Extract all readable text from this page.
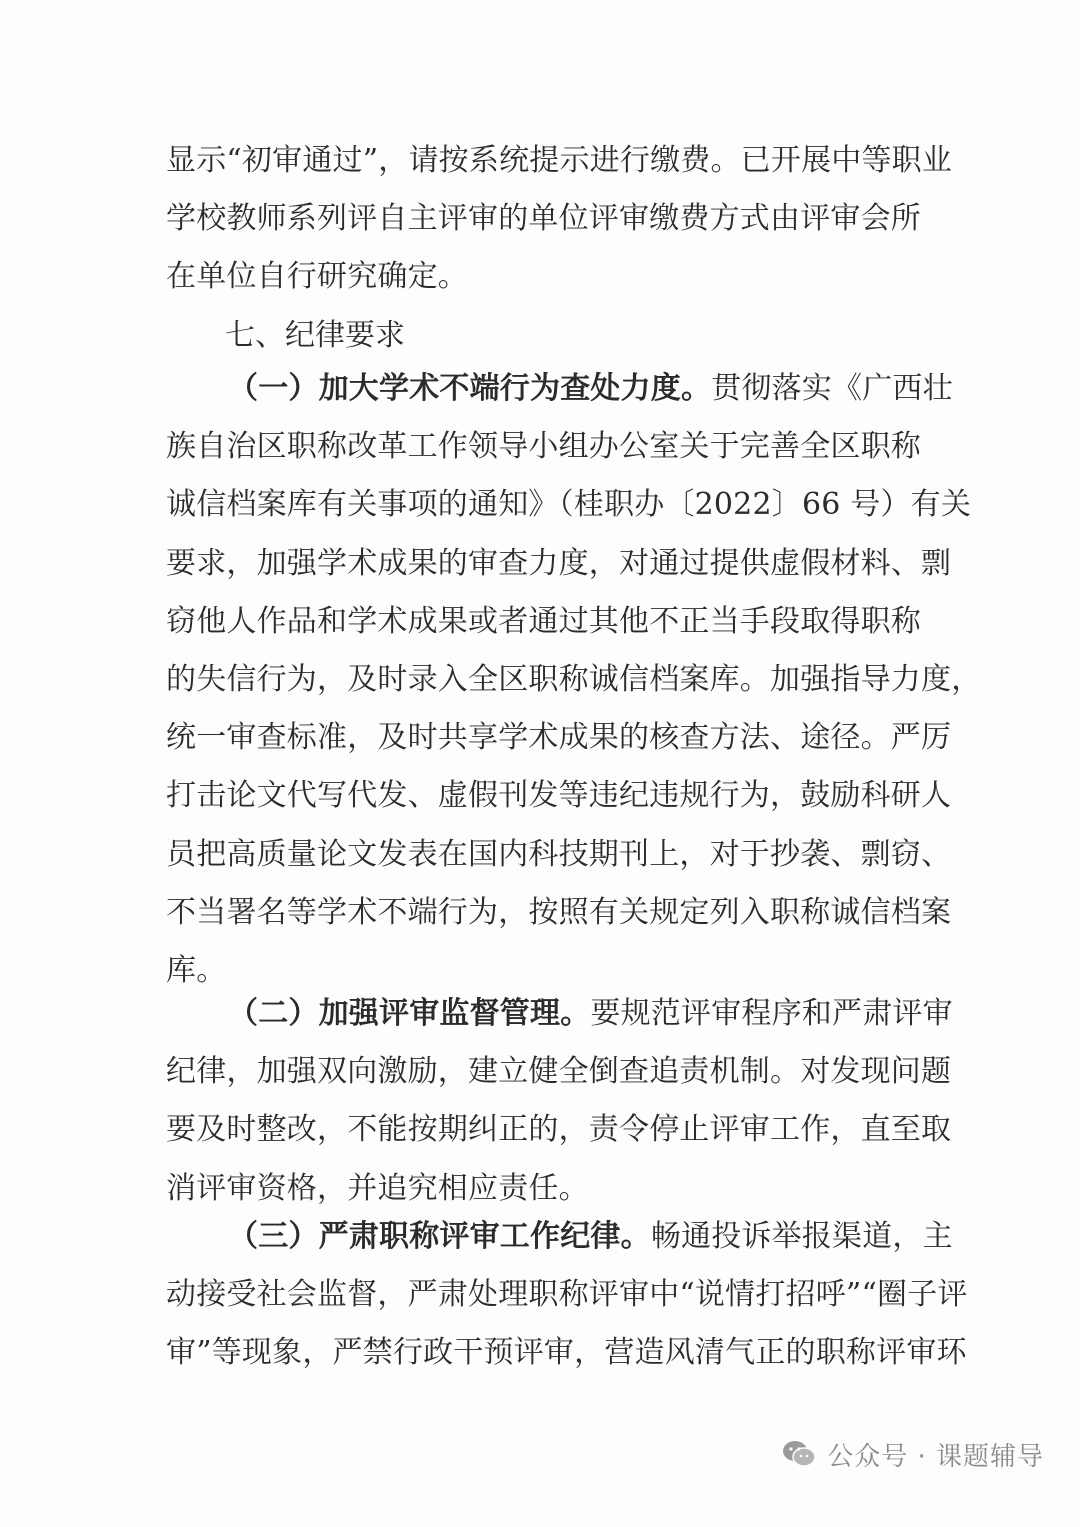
显示“初审通过”，请按系统提示进行缴费。已开展中等职业
学校教师系列评自主评审的单位评审缴费方式由评审会所
在单位自行研究确定。
七、纪律要求
（一）加大学术不端行为查处力度。贯彻落实《广西壮
族自治区职称改革工作领导小组办公室关于完善全区职称
诚信档案库有关事项的通知》（桂职办〔2022〕66 号）有关
要求，加强学术成果的审查力度，对通过提供虚假材料、剽
窃他人作品和学术成果或者通过其他不正当手段取得职称
的失信行为，及时录入全区职称诚信档案库。加强指导力度，
统一审查标准，及时共享学术成果的核查方法、途径。严厉
打击论文代写代发、虚假刊发等违纪违规行为，鼓励科研人
员把高质量论文发表在国内科技期刊上，对于抄袭、剽窃、
不当署名等学术不端行为，按照有关规定列入职称诚信档案
库。
（二）加强评审监督管理。要规范评审程序和严肃评审
纪律，加强双向激励，建立健全倒查追责机制。对发现问题
要及时整改，不能按期纠正的，责令停止评审工作，直至取
消评审资格，并追究相应责任。
（三）严肃职称评审工作纪律。畅通投诉举报渠道，主
动接受社会监督，严肃处理职称评审中“说情打招呼”“圈子评
审”等现象，严禁行政干预评审，营造风清气正的职称评审环
公众号 · 课题辅导
